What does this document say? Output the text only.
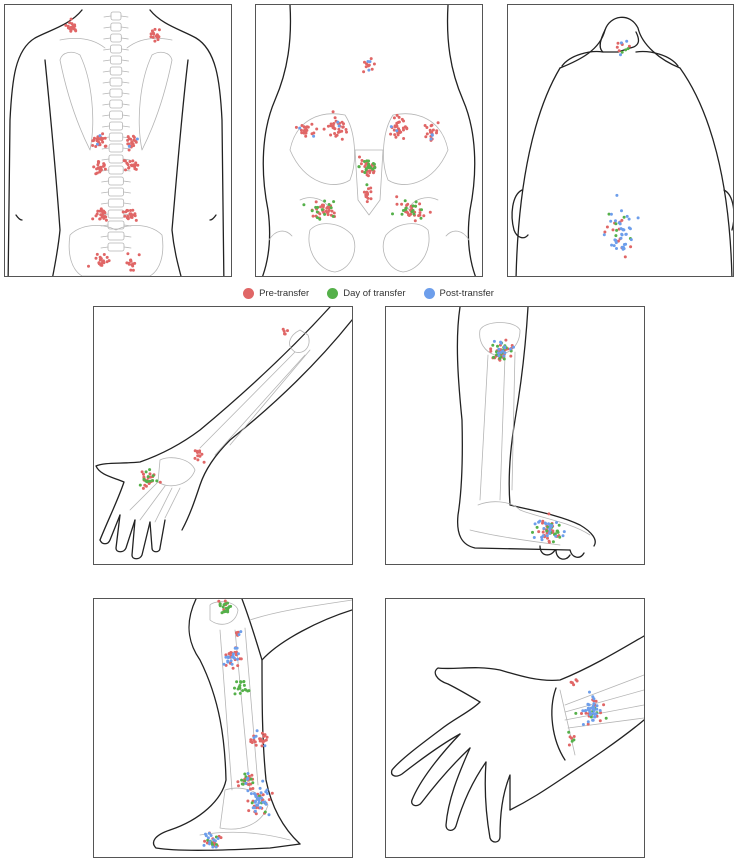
Pre-transfer	Day of transfer	Post-transfer
